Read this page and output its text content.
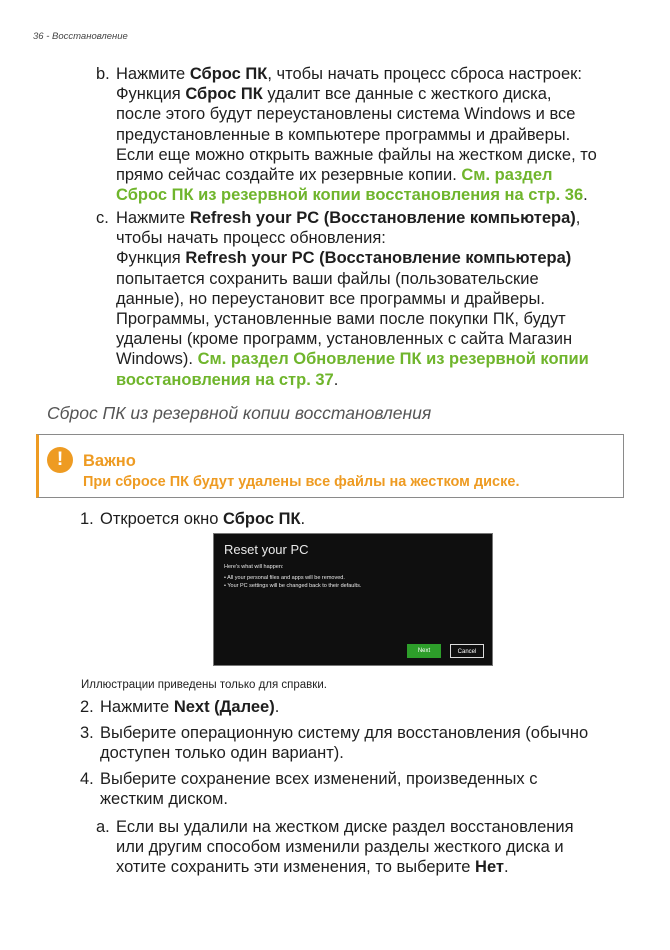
36 - Восстановление
b. Нажмите Сброс ПК, чтобы начать процесс сброса настроек:
Функция Сброс ПК удалит все данные с жесткого диска,
после этого будут переустановлены система Windows и все
предустановленные в компьютере программы и драйверы.
Если еще можно открыть важные файлы на жестком диске, то
прямо сейчас создайте их резервные копии. См. раздел
Сброс ПК из резервной копии восстановления на стр. 36.
c. Нажмите Refresh your PC (Восстановление компьютера),
чтобы начать процесс обновления:
Функция Refresh your PC (Восстановление компьютера)
попытается сохранить ваши файлы (пользовательские
данные), но переустановит все программы и драйверы.
Программы, установленные вами после покупки ПК, будут
удалены (кроме программ, установленных с сайта Магазин
Windows). См. раздел Обновление ПК из резервной копии
восстановления на стр. 37.
Сброс ПК из резервной копии восстановления
!	Важно
При сбросе ПК будут удалены все файлы на жестком диске.
1. Откроется окно Сброс ПК.
Reset your PC
Here's what will happen:
• All your personal files and apps will be removed.
• Your PC settings will be changed back to their defaults.
Next	Cancel
Иллюстрации приведены только для справки.
2. Нажмите Next (Далее).
3. Выберите операционную систему для восстановления (обычно
доступен только один вариант).
4. Выберите сохранение всех изменений, произведенных с
жестким диском.
a. Если вы удалили на жестком диске раздел восстановления
или другим способом изменили разделы жесткого диска и
хотите сохранить эти изменения, то выберите Нет.
